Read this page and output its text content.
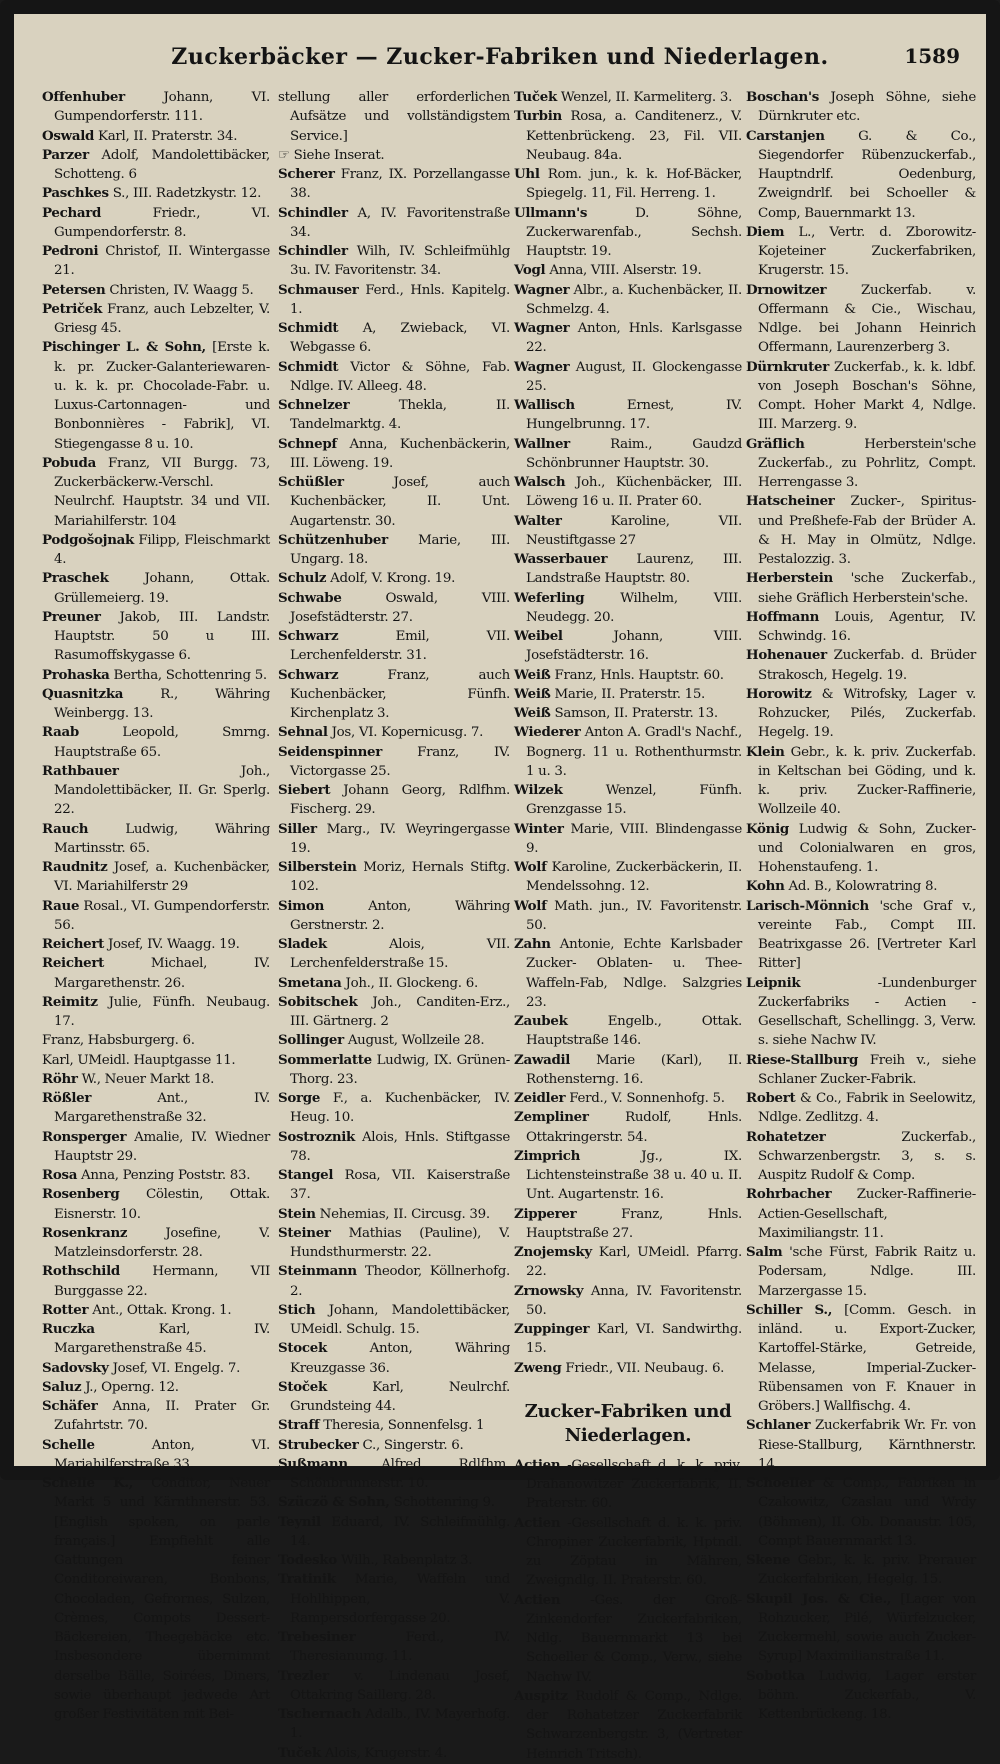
Zuckerbäcker — Zucker-Fabriken und Niederlagen.	1589

Offenhuber	Johann, VI. Gumpendorferstr. 111.

Oswald Karl, II. Praterstr. 34.

Parzer Adolf, Mandolettibäcker, Schotteng. 6

Paschkes S., III. Radetzkystr. 12.

Pechard	Friedr., VI. Gumpendorferstr. 8.

Pedroni Christof, II. Wintergasse 21.

Petersen Christen, IV. Waagg 5.

Petriček Franz, auch Lebzelter, V. Griesg 45.

Pischinger L. & Sohn, [Erste k. k. pr. Zucker-Galanteriewaren- u. k. k. pr. Chocolade-Fabr. u. Luxus-Cartonnagen- und Bonbonnières - Fabrik], VI. Stiegengasse 8 u. 10.

Pobuda Franz, VII Burgg. 73, Zuckerbäckerw.-Verschl. Neulrchf. Hauptstr. 34 und VII. Mariahilferstr. 104

Podgošojnak Filipp, Fleischmarkt 4.

Praschek	Johann, Ottak. Grüllemeierg. 19.

Preuner Jakob, III. Landstr. Hauptstr. 50 u III. Rasumoffskygasse 6.

Prohaska Bertha, Schottenring 5.

Quasnitzka	R., Währing Weinbergg. 13.

Raab	Leopold, Smrng. Hauptstraße 65.

Rathbauer	Joh., Mandolettibäcker, II. Gr. Sperlg. 22.

Rauch	Ludwig, Währing Martinsstr. 65.

Raudnitz Josef, a. Kuchenbäcker, VI. Mariahilferstr 29

Raue Rosal., VI. Gumpendorferstr. 56.

Reichert Josef, IV. Waagg. 19.

Reichert	Michael, IV. Margarethenstr. 26.

Reimitz Julie, Fünfh. Neubaug. 17.

Franz, Habsburgerg. 6.

Karl, UMeidl. Hauptgasse 11.

Röhr W., Neuer Markt 18.

Rößler	Ant., IV. Margarethenstraße 32.

Ronsperger Amalie, IV. Wiedner Hauptstr 29.

Rosa Anna, Penzing Poststr. 83.

Rosenberg Cölestin, Ottak. Eisnerstr. 10.

Rosenkranz	Josefine, V. Matzleinsdorferstr. 28.

Rothschild Hermann, VII Burggasse 22.

Rotter Ant., Ottak. Krong. 1.

Ruczka	Karl, IV. Margarethenstraße 45.

Sadovsky Josef, VI. Engelg. 7.

Saluz J., Operng. 12.

Schäfer Anna, II. Prater Gr. Zufahrtstr. 70.

Schelle	Anton, VI. Mariahilferstraße 33.

Schelle K., Conditor, Neuer Markt 5 und Kärnthnerstr. 53. [English spoken, on parle français.] Empfiehlt alle Gattungen feiner Conditoreiwaren, Bonbons, Chocoladen, Gefrornes, Sulzen, Crèmes, Compots Dessert-Bäckereien, Theegebäcke etc. Insbesondere übernimmt derselbe Bälle, Soirées, Diners, sowie überhaupt jedwede Art großer Festivitäten mit Bei-

stellung aller erforderlichen Aufsätze und vollständigstem Service.]

☞ Siehe Inserat.

Scherer Franz, IX. Porzellangasse 38.

Schindler A, IV. Favoritenstraße 34.

Schindler Wilh, IV. Schleifmühlg 3u. IV. Favoritenstr. 34.

Schmauser Ferd., Hnls. Kapitelg. 1.

Schmidt A, Zwieback, VI. Webgasse 6.

Schmidt Victor & Söhne, Fab. Ndlge. IV. Alleeg. 48.

Schnelzer	Thekla, II. Tandelmarktg. 4.

Schnepf Anna, Kuchenbäckerin, III. Löweng. 19.

Schüßler	Josef, auch Kuchenbäcker, II. Unt. Augartenstr. 30.

Schützenhuber Marie, III. Ungarg. 18.

Schulz Adolf, V. Krong. 19.

Schwabe	Oswald, VIII. Josefstädterstr. 27.

Schwarz	Emil, VII. Lerchenfelderstr. 31.

Schwarz	Franz, auch Kuchenbäcker, Fünfh. Kirchenplatz 3.

Sehnal Jos, VI. Kopernicusg. 7.

Seidenspinner	Franz, IV. Victorgasse 25.

Siebert Johann Georg, Rdlfhm. Fischerg. 29.

Siller Marg., IV. Weyringergasse 19.

Silberstein Moriz, Hernals Stiftg. 102.

Simon	Anton, Währing Gerstnerstr. 2.

Sladek	Alois, VII. Lerchenfelderstraße 15.

Smetana Joh., II. Glockeng. 6.

Sobitschek Joh., Canditen-Erz., III. Gärtnerg. 2

Sollinger August, Wollzeile 28.

Sommerlatte Ludwig, IX. Grünen-Thorg. 23.

Sorge F., a. Kuchenbäcker, IV. Heug. 10.

Sostroznik Alois, Hnls. Stiftgasse 78.

Stangel Rosa, VII. Kaiserstraße 37.

Stein Nehemias, II. Circusg. 39.

Steiner Mathias (Pauline), V. Hundsthurmerstr. 22.

Steinmann Theodor, Köllnerhofg. 2.

Stich Johann, Mandolettibäcker, UMeidl. Schulg. 15.

Stocek	Anton, Währing Kreuzgasse 36.

Stoček	Karl, Neulrchf. Grundsteing 44.

Straff Theresia, Sonnenfelsg. 1

Strubecker C., Singerstr. 6.

Sußmann Alfred, Rdlfhm. Schönbrunnerstr. 10.

Szüczö & Sohn, Schottenring 9.

Teynil Eduard, IV. Schleifmühlg. 14.

Todesko Wilh., Rabenplatz 3.

Tratinik Marie, Waffeln und Hohlhippen, V. Rampersdorfergasse 20.

Trebesiner	Ferd., IV. Theresianumg. 11.

Trezler v. Lindenau Josef, Ottakring Saillerg. 28.

Tschernach Adalb., IV. Mayerhofg. 1.

Tuček Alois, Krugerstr. 4.

Tuček Wenzel, II. Karmeliterg. 3.

Turbin Rosa, a. Canditenerz., V. Kettenbrückeng. 23, Fil. VII. Neubaug. 84a.

Uhl Rom. jun., k. k. Hof-Bäcker, Spiegelg. 11, Fil. Herreng. 1.

Ullmann's	D. Söhne, Zuckerwarenfab., Sechsh. Hauptstr. 19.

Vogl Anna, VIII. Alserstr. 19.

Wagner Albr., a. Kuchenbäcker, II. Schmelzg. 4.

Wagner Anton, Hnls. Karlsgasse 22.

Wagner August, II. Glockengasse 25.

Wallisch	Ernest, IV. Hungelbrunng. 17.

Wallner	Raim., Gaudzd Schönbrunner Hauptstr. 30.

Walsch Joh., Küchenbäcker, III. Löweng 16 u. II. Prater 60.

Walter	Karoline, VII. Neustiftgasse 27

Wasserbauer Laurenz, III. Landstraße Hauptstr. 80.

Weferling	Wilhelm, VIII. Neudegg. 20.

Weibel	Johann, VIII. Josefstädterstr. 16.

Weiß Franz, Hnls. Hauptstr. 60.

Weiß Marie, II. Praterstr. 15.

Weiß Samson, II. Praterstr. 13.

Wiederer Anton A. Gradl's Nachf., Bognerg. 11 u. Rothenthurmstr. 1 u. 3.

Wilzek	Wenzel, Fünfh. Grenzgasse 15.

Winter Marie, VIII. Blindengasse 9.

Wolf Karoline, Zuckerbäckerin, II. Mendelssohng. 12.

Wolf Math. jun., IV. Favoritenstr. 50.

Zahn Antonie, Echte Karlsbader Zucker- Oblaten- u. Thee-Waffeln-Fab, Ndlge. Salzgries 23.

Zaubek	Engelb., Ottak. Hauptstraße 146.

Zawadil Marie (Karl), II. Rothensterng. 16.

Zeidler Ferd., V. Sonnenhofg. 5.

Zempliner	Rudolf, Hnls. Ottakringerstr. 54.

Zimprich	Jg., IX. Lichtensteinstraße 38 u. 40 u. II. Unt. Augartenstr. 16.

Zipperer	Franz, Hnls. Hauptstraße 27.

Znojemsky Karl, UMeidl. Pfarrg. 22.

Zrnowsky Anna, IV. Favoritenstr. 50.

Zuppinger Karl, VI. Sandwirthg. 15.

Zweng Friedr., VII. Neubaug. 6.

Zucker-Fabriken und Niederlagen.

Actien -Gesellschaft d. k. k. priv. Drahanowitzer Zuckerfabrik, II. Praterstr. 60.

Actien -Gesellschaft d. k. k. priv. Chropiner Zuckerfabrik, Hptndl. zu Zöptau in Mähren, Zweigndlg. II. Praterstr. 60.

Actien -Ges. der Groß-Zinkendorfer Zuckerfabriken, Ndlg. Bauernmarkt 13 bei Schoeller & Comp., Verw., siehe Nachw IV.

Auspitz Rudolf & Comp., Ndlge. der Rohatetzer Zuckerfabrik Schwarzenbergstr. 3, (Vertreter Heinrich Tritsch).

Boschan's Joseph Söhne, siehe Dürnkruter etc.

Carstanjen	G. & Co., Siegendorfer Rübenzuckerfab., Hauptndrlf. Oedenburg, Zweigndrlf. bei Schoeller & Comp, Bauernmarkt 13.

Diem L., Vertr. d. Zborowitz-Kojeteiner Zuckerfabriken, Krugerstr. 15.

Drnowitzer	Zuckerfab. v. Offermann & Cie., Wischau, Ndlge. bei Johann Heinrich Offermann, Laurenzerberg 3.

Dürnkruter Zuckerfab., k. k. ldbf. von Joseph Boschan's Söhne, Compt. Hoher Markt 4, Ndlge. III. Marzerg. 9.

Gräflich	Herberstein'sche Zuckerfab., zu Pohrlitz, Compt. Herrengasse 3.

Hatscheiner Zucker-, Spiritus- und Preßhefe-Fab der Brüder A. & H. May in Olmütz, Ndlge. Pestalozzig. 3.

Herberstein 'sche Zuckerfab., siehe Gräflich Herberstein'sche.

Hoffmann Louis, Agentur, IV. Schwindg. 16.

Hohenauer Zuckerfab. d. Brüder Strakosch, Hegelg. 19.

Horowitz & Witrofsky, Lager v. Rohzucker, Pilés, Zuckerfab. Hegelg. 19.

Klein Gebr., k. k. priv. Zuckerfab. in Keltschan bei Göding, und k. k. priv. Zucker-Raffinerie, Wollzeile 40.

König Ludwig & Sohn, Zucker- und Colonialwaren en gros, Hohenstaufeng. 1.

Kohn Ad. B., Kolowratring 8.

Larisch-Mönnich 'sche Graf v., vereinte Fab., Compt III. Beatrixgasse 26. [Vertreter Karl Ritter]

Leipnik	-Lundenburger Zuckerfabriks - Actien - Gesellschaft, Schellingg. 3, Verw. s. siehe Nachw IV.

Riese-Stallburg Freih v., siehe Schlaner Zucker-Fabrik.

Robert & Co., Fabrik in Seelowitz, Ndlge. Zedlitzg. 4.

Rohatetzer	Zuckerfab., Schwarzenbergstr. 3, s. s. Auspitz Rudolf & Comp.

Rohrbacher Zucker-Raffinerie-Actien-Gesellschaft, Maximiliangstr. 11.

Salm 'sche Fürst, Fabrik Raitz u. Podersam, Ndlge. III. Marzergasse 15.

Schiller S., [Comm. Gesch. in inländ. u. Export-Zucker, Kartoffel-Stärke, Getreide, Melasse, Imperial-Zucker-Rübensamen von F. Knauer in Gröbers.] Wallfischg. 4.

Schlaner Zuckerfabrik Wr. Fr. von Riese-Stallburg, Kärnthnerstr. 14.

Schoeller & Comp., Fabriken in Czakowitz, Czaslau und Wrdy (Böhmen), II. Ob. Donaustr. 105, Compt Bauernmarkt 13.

Skene Gebr., k. k. priv. Prerauer Zuckerfabriken, Hegelg. 15.

Skupil Jos. & Cie., [Lager von Rohzucker, Pilé, Würfelzucker, Zuckermehl, sowie auch Zucker-Syrup] Maximilianstraße 11.

Sobotka Ludwig, Lager erster böhm. Zuckerfab., V. Kettenbrückeng. 18.
